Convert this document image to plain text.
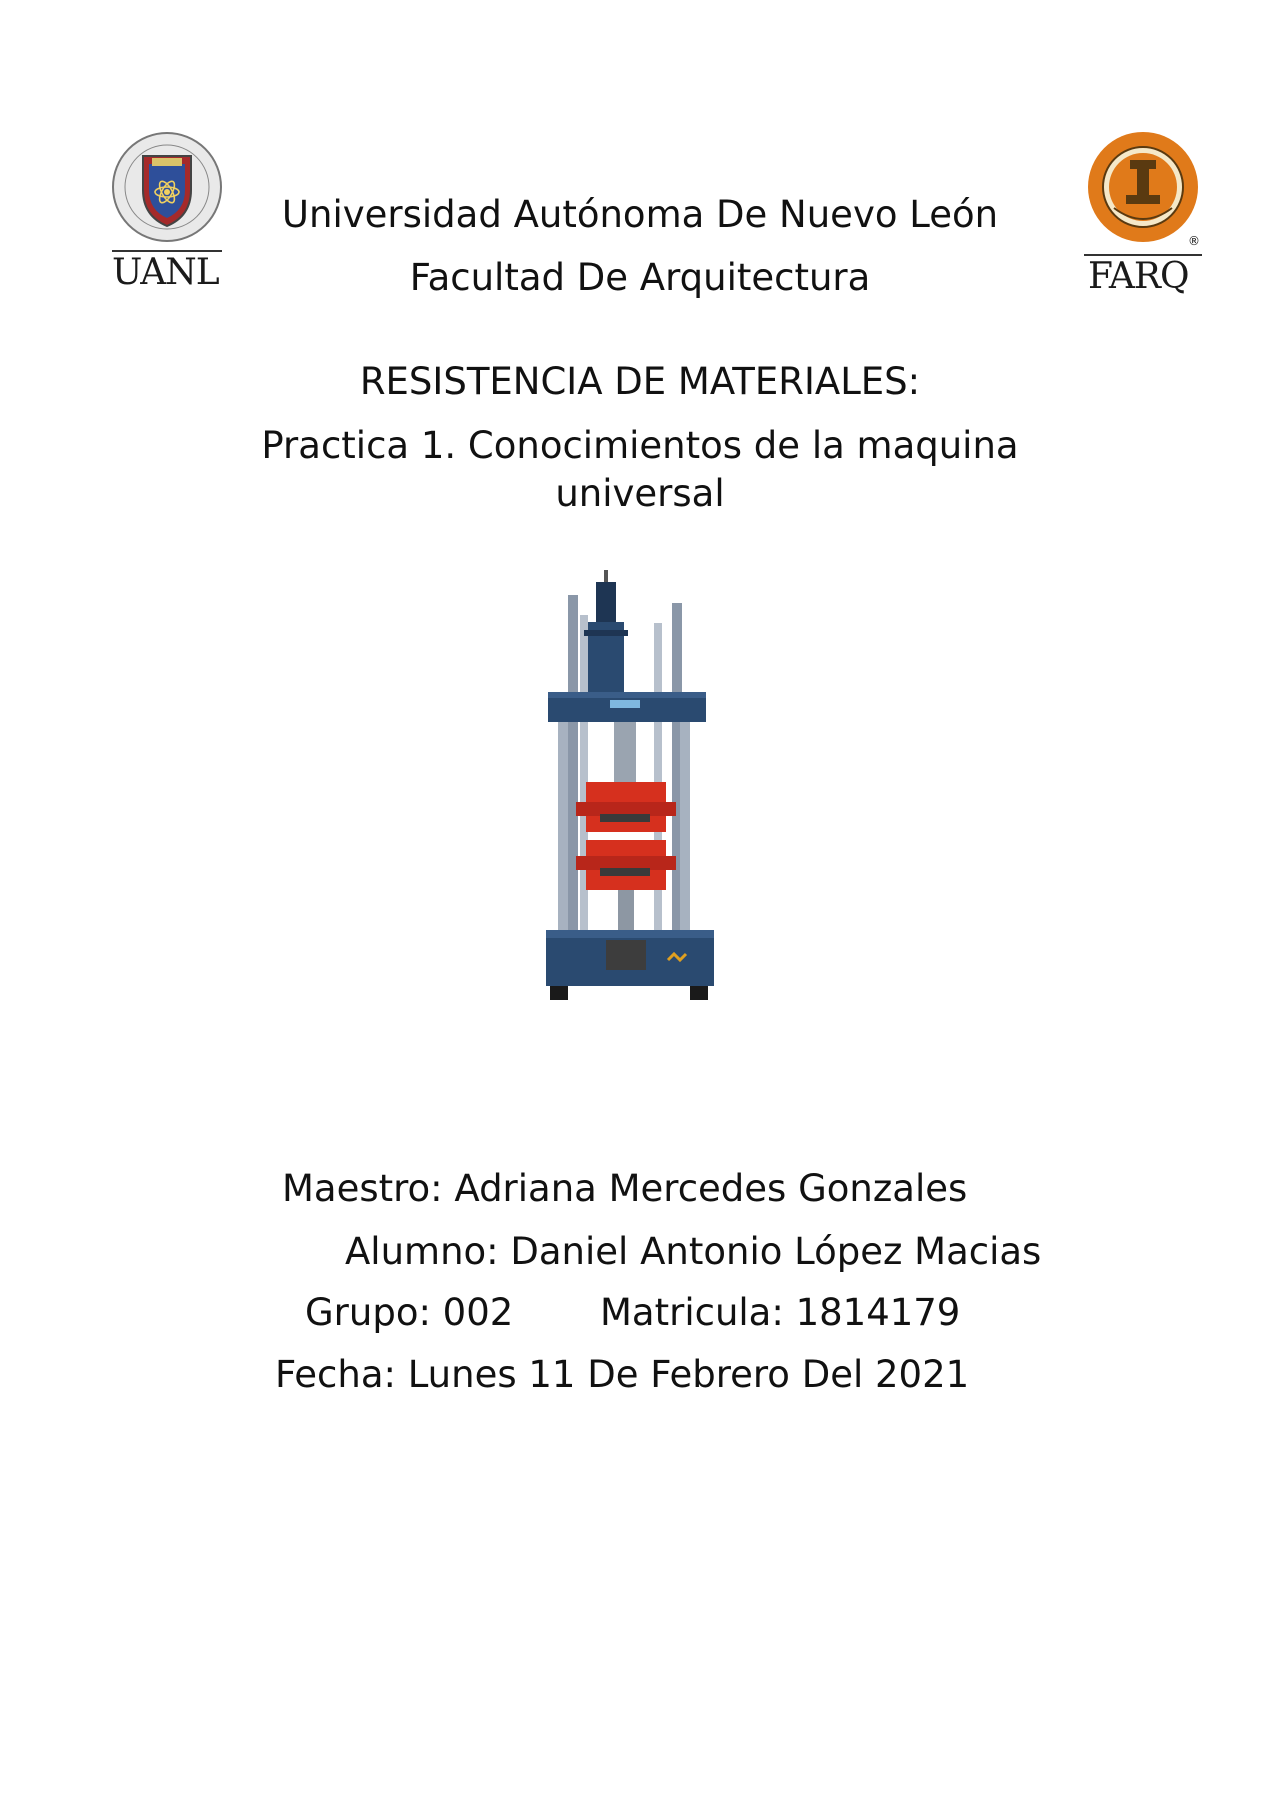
UANL
®
FARQ
Universidad Autónoma De Nuevo León
Facultad De Arquitectura
RESISTENCIA DE MATERIALES:
Practica 1. Conocimientos de la maquina
universal
Maestro: Adriana Mercedes Gonzales
Alumno: Daniel Antonio López Macias
Grupo: 002 Matricula: 1814179
Fecha: Lunes 11 De Febrero Del 2021
